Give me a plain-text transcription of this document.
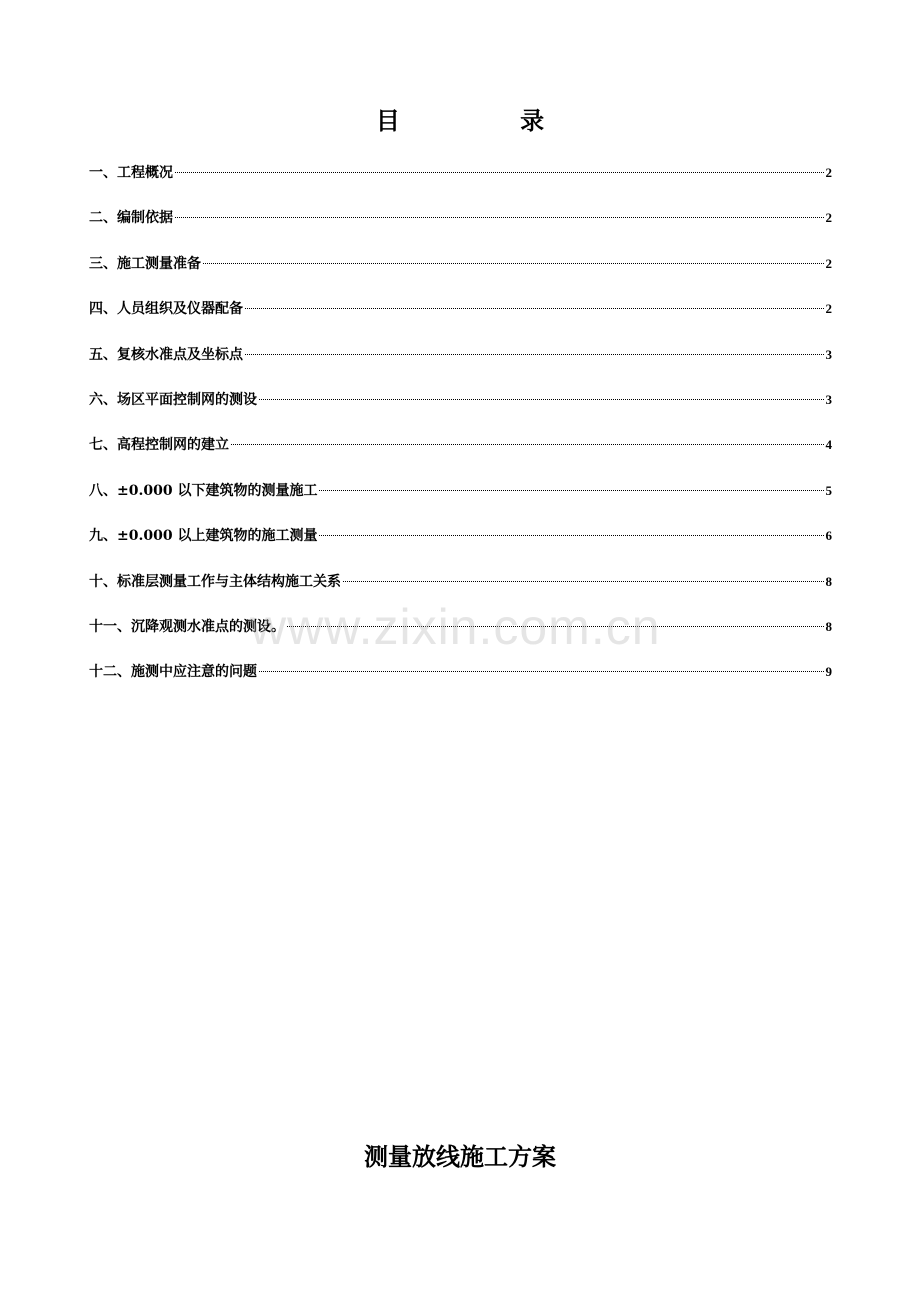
目 录
一、工程概况	2
二、编制依据	2
三、施工测量准备	2
四、人员组织及仪器配备	2
五、复核水准点及坐标点	3
六、场区平面控制网的测设	3
七、高程控制网的建立	4
八、±0.000 以下建筑物的测量施工	5
九、±0.000 以上建筑物的施工测量	6
十、标准层测量工作与主体结构施工关系	8
十一、沉降观测水准点的测设。	8
十二、施测中应注意的问题	9
www.zixin.com.cn
测量放线施工方案
